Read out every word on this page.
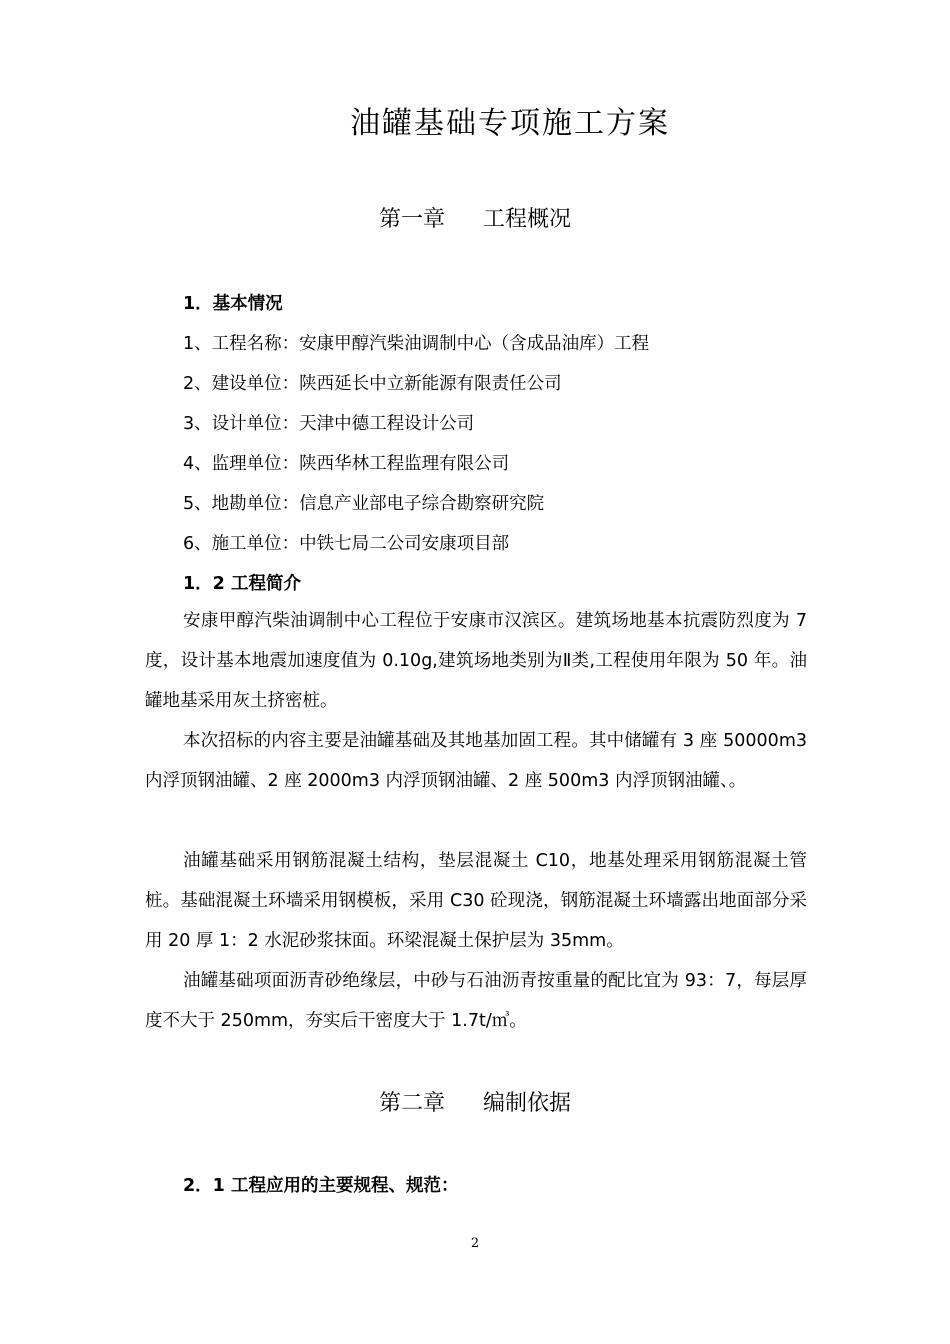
油罐基础专项施工方案
第一章 工程概况
1．基本情况
1、工程名称：安康甲醇汽柴油调制中心（含成品油库）工程
2、建设单位：陕西延长中立新能源有限责任公司
3、设计单位：天津中德工程设计公司
4、监理单位：陕西华林工程监理有限公司
5、地勘单位：信息产业部电子综合勘察研究院
6、施工单位：中铁七局二公司安康项目部
1．2 工程简介

安康甲醇汽柴油调制中心工程位于安康市汉滨区。建筑场地基本抗震防烈度为 7 度，设计基本地震加速度值为 0.10g,建筑场地类别为Ⅱ类,工程使用年限为 50 年。油罐地基采用灰土挤密桩。

本次招标的内容主要是油罐基础及其地基加固工程。其中储罐有 3 座 50000m3 内浮顶钢油罐、2 座 2000m3 内浮顶钢油罐、2 座 500m3 内浮顶钢油罐、。

油罐基础采用钢筋混凝土结构，垫层混凝土 C10，地基处理采用钢筋混凝土管桩。基础混凝土环墙采用钢模板，采用 C30 砼现浇，钢筋混凝土环墙露出地面部分采用 20 厚 1：2 水泥砂浆抹面。环梁混凝土保护层为 35mm。

油罐基础项面沥青砂绝缘层，中砂与石油沥青按重量的配比宜为 93：7，每层厚度不大于 250mm，夯实后干密度大于 1.7t/㎥。

第二章 编制依据
2．1 工程应用的主要规程、规范：
2
